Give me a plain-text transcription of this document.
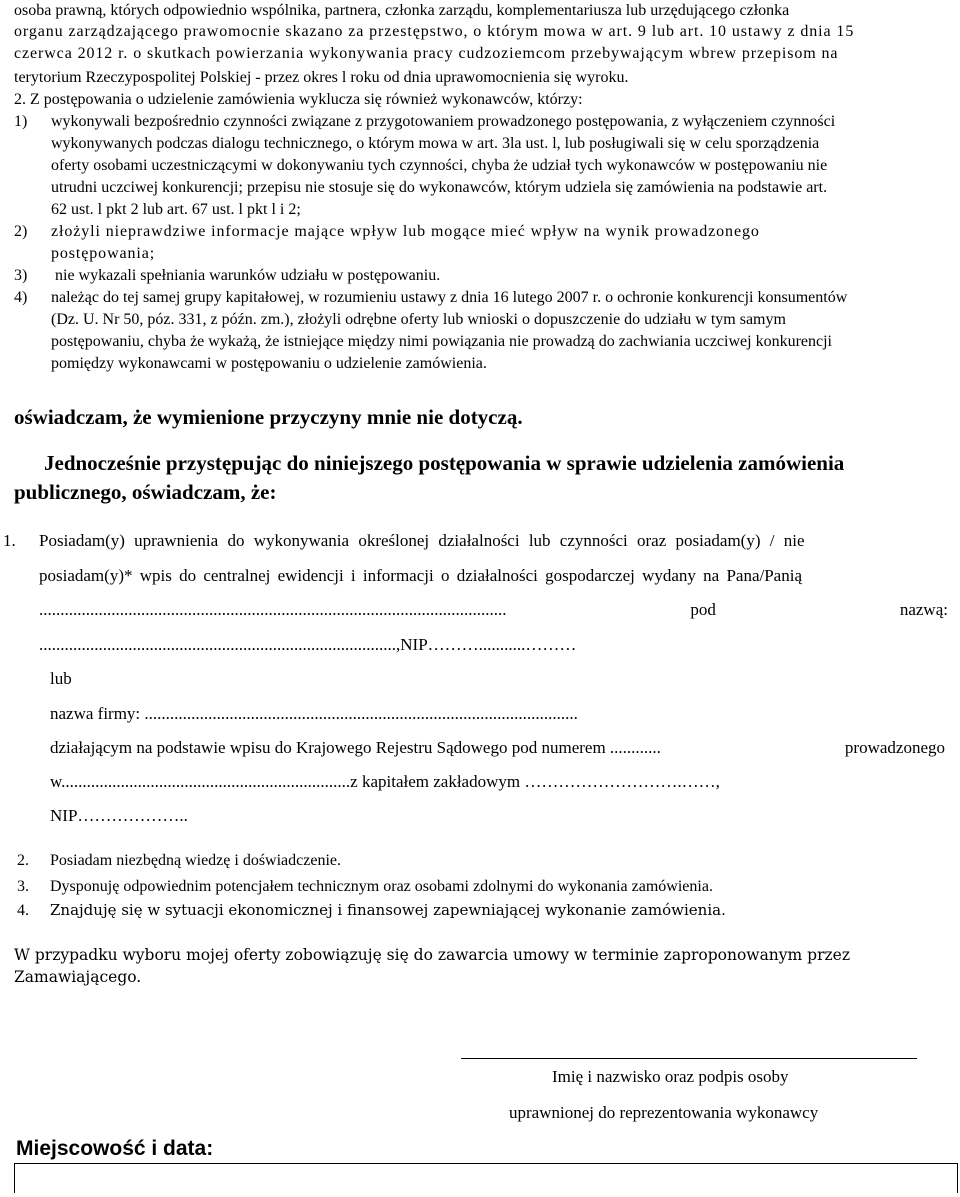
osoba prawną, których odpowiednio wspólnika, partnera, członka zarządu, komplementariusza lub urzędującego członka
organu zarządzającego prawomocnie skazano za przestępstwo, o którym mowa w art. 9 lub art. 10 ustawy z dnia 15
czerwca 2012 r. o skutkach powierzania wykonywania pracy cudzoziemcom przebywającym wbrew przepisom na
terytorium Rzeczypospolitej Polskiej - przez okres l roku od dnia uprawomocnienia się wyroku.
2. Z postępowania o udzielenie zamówienia wyklucza się również wykonawców, którzy:
1) wykonywali bezpośrednio czynności związane z przygotowaniem prowadzonego postępowania, z wyłączeniem czynności
wykonywanych podczas dialogu technicznego, o którym mowa w art. 3la ust. l, lub posługiwali się w celu sporządzenia
oferty osobami uczestniczącymi w dokonywaniu tych czynności, chyba że udział tych wykonawców w postępowaniu nie
utrudni uczciwej konkurencji; przepisu nie stosuje się do wykonawców, którym udziela się zamówienia na podstawie art.
62 ust. l pkt 2 lub art. 67 ust. l pkt l i 2;
2) złożyli nieprawdziwe informacje mające wpływ lub mogące mieć wpływ na wynik prowadzonego
postępowania;
3) nie wykazali spełniania warunków udziału w postępowaniu.
4) należąc do tej samej grupy kapitałowej, w rozumieniu ustawy z dnia 16 lutego 2007 r. o ochronie konkurencji konsumentów
(Dz. U. Nr 50, póz. 331, z późn. zm.), złożyli odrębne oferty lub wnioski o dopuszczenie do udziału w tym samym
postępowaniu, chyba że wykażą, że istniejące między nimi powiązania nie prowadzą do zachwiania uczciwej konkurencji
pomiędzy wykonawcami w postępowaniu o udzielenie zamówienia.
oświadczam, że wymienione przyczyny mnie nie dotyczą.
Jednocześnie przystępując do niniejszego postępowania w sprawie udzielenia zamówienia
publicznego, oświadczam, że:
1. Posiadam(y) uprawnienia do wykonywania określonej działalności lub czynności oraz posiadam(y) / nie
posiadam(y)* wpis do centralnej ewidencji i informacji o działalności gospodarczej wydany na Pana/Panią
..............................................................................................................	pod	nazwą:
....................................................................................,NIP………...........………
lub
nazwa firmy: ......................................................................................................
działającym na podstawie wpisu do Krajowego Rejestru Sądowego pod numerem ............	prowadzonego
w....................................................................z kapitałem zakładowym ……………………….……,
NIP………………..
2. Posiadam niezbędną wiedzę i doświadczenie.
3. Dysponuję odpowiednim potencjałem technicznym oraz osobami zdolnymi do wykonania zamówienia.
4. Znajduję się w sytuacji ekonomicznej i finansowej zapewniającej wykonanie zamówienia.
W przypadku wyboru mojej oferty zobowiązuję się do zawarcia umowy w terminie zaproponowanym przez
Zamawiającego.
Imię i nazwisko oraz podpis osoby
uprawnionej do reprezentowania wykonawcy
Miejscowość i data:
